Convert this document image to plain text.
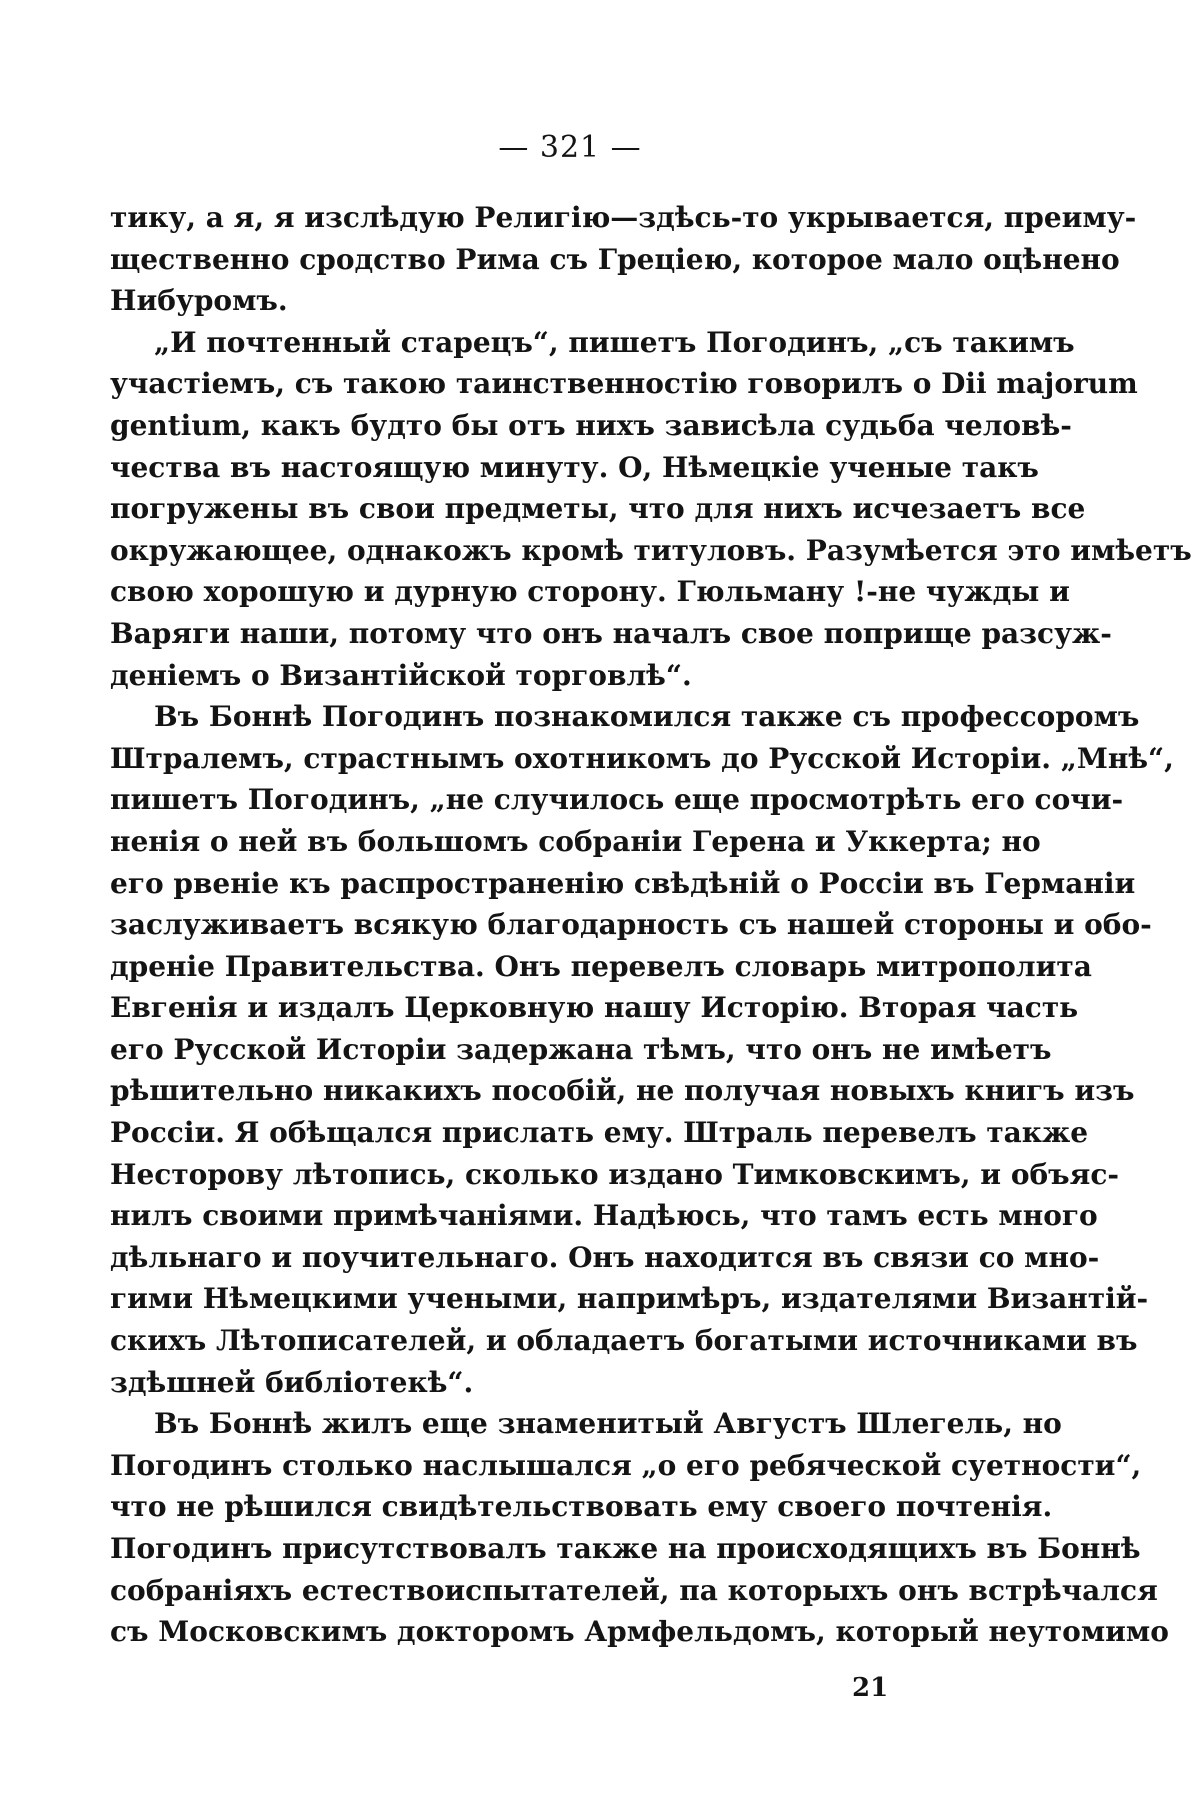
— 321 —
тику, а я, я изслѣдую Религію—здѣсь-то укрывается, преиму-
щественно сродство Рима съ Греціею, которое мало оцѣнено
Нибуромъ.
„И почтенный старецъ“, пишетъ Погодинъ, „съ такимъ
участіемъ, съ такою таинственностію говорилъ о Dii majorum
gentium, какъ будто бы отъ нихъ зависѣла судьба человѣ-
чества въ настоящую минуту. О, Нѣмецкіе ученые такъ
погружены въ свои предметы, что для нихъ исчезаетъ все
окружающее, однакожъ кромѣ титуловъ. Разумѣется это имѣетъ
свою хорошую и дурную сторону. Гюльману !-не чужды и
Варяги наши, потому что онъ началъ свое поприще разсуж-
деніемъ о Византійской торговлѣ“.
Въ Боннѣ Погодинъ познакомился также съ профессоромъ
Штралемъ, страстнымъ охотникомъ до Русской Исторіи. „Мнѣ“,
пишетъ Погодинъ, „не случилось еще просмотрѣть его сочи-
ненія о ней въ большомъ собраніи Герена и Уккерта; но
его рвеніе къ распространенію свѣдѣній о Россіи въ Германіи
заслуживаетъ всякую благодарность съ нашей стороны и обо-
дреніе Правительства. Онъ перевелъ словарь митрополита
Евгенія и издалъ Церковную нашу Исторію. Вторая часть
его Русской Исторіи задержана тѣмъ, что онъ не имѣетъ
рѣшительно никакихъ пособій, не получая новыхъ книгъ изъ
Россіи. Я обѣщался прислать ему. Штраль перевелъ также
Несторову лѣтопись, сколько издано Тимковскимъ, и объяс-
нилъ своими примѣчаніями. Надѣюсь, что тамъ есть много
дѣльнаго и поучительнаго. Онъ находится въ связи со мно-
гими Нѣмецкими учеными, напримѣръ, издателями Византій-
скихъ Лѣтописателей, и обладаетъ богатыми источниками въ
здѣшней библіотекѣ“.
Въ Боннѣ жилъ еще знаменитый Августъ Шлегель, но
Погодинъ столько наслышался „о его ребяческой суетности“,
что не рѣшился свидѣтельствовать ему своего почтенія.
Погодинъ присутствовалъ также на происходящихъ въ Боннѣ
собраніяхъ естествоиспытателей, па которыхъ онъ встрѣчался
съ Московскимъ докторомъ Армфельдомъ, который неутомимо
21
